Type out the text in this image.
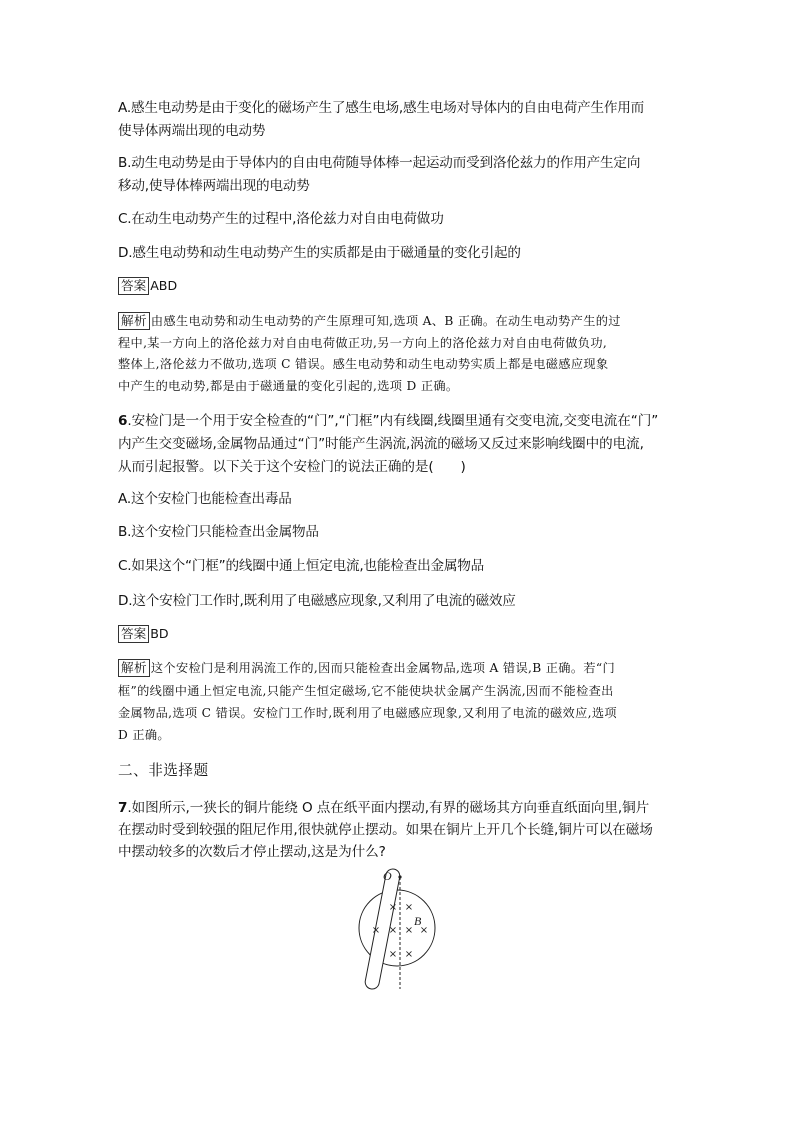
A.感生电动势是由于变化的磁场产生了感生电场,感生电场对导体内的自由电荷产生作用而
使导体两端出现的电动势
B.动生电动势是由于导体内的自由电荷随导体棒一起运动而受到洛伦兹力的作用产生定向
移动,使导体棒两端出现的电动势
C.在动生电动势产生的过程中,洛伦兹力对自由电荷做功
D.感生电动势和动生电动势产生的实质都是由于磁通量的变化引起的
答案 ABD
解析 由感生电动势和动生电动势的产生原理可知,选项 A、B 正确。在动生电动势产生的过
程中,某一方向上的洛伦兹力对自由电荷做正功,另一方向上的洛伦兹力对自由电荷做负功,
整体上,洛伦兹力不做功,选项 C 错误。感生电动势和动生电动势实质上都是电磁感应现象
中产生的电动势,都是由于磁通量的变化引起的,选项 D 正确。
6.安检门是一个用于安全检查的“门”,“门框”内有线圈,线圈里通有交变电流,交变电流在“门”
内产生交变磁场,金属物品通过“门”时能产生涡流,涡流的磁场又反过来影响线圈中的电流,
从而引起报警。以下关于这个安检门的说法正确的是(　　)
A.这个安检门也能检查出毒品
B.这个安检门只能检查出金属物品
C.如果这个“门框”的线圈中通上恒定电流,也能检查出金属物品
D.这个安检门工作时,既利用了电磁感应现象,又利用了电流的磁效应
答案 BD
解析 这个安检门是利用涡流工作的,因而只能检查出金属物品,选项 A 错误,B 正确。若“门
框”的线圈中通上恒定电流,只能产生恒定磁场,它不能使块状金属产生涡流,因而不能检查出
金属物品,选项 C 错误。安检门工作时,既利用了电磁感应现象,又利用了电流的磁效应,选项
D 正确。
二、非选择题
7.如图所示,一狭长的铜片能绕 O 点在纸平面内摆动,有界的磁场其方向垂直纸面向里,铜片
在摆动时受到较强的阻尼作用,很快就停止摆动。如果在铜片上开几个长缝,铜片可以在磁场
中摆动较多的次数后才停止摆动,这是为什么?
O
B
× ×
× × × ×
× ×
